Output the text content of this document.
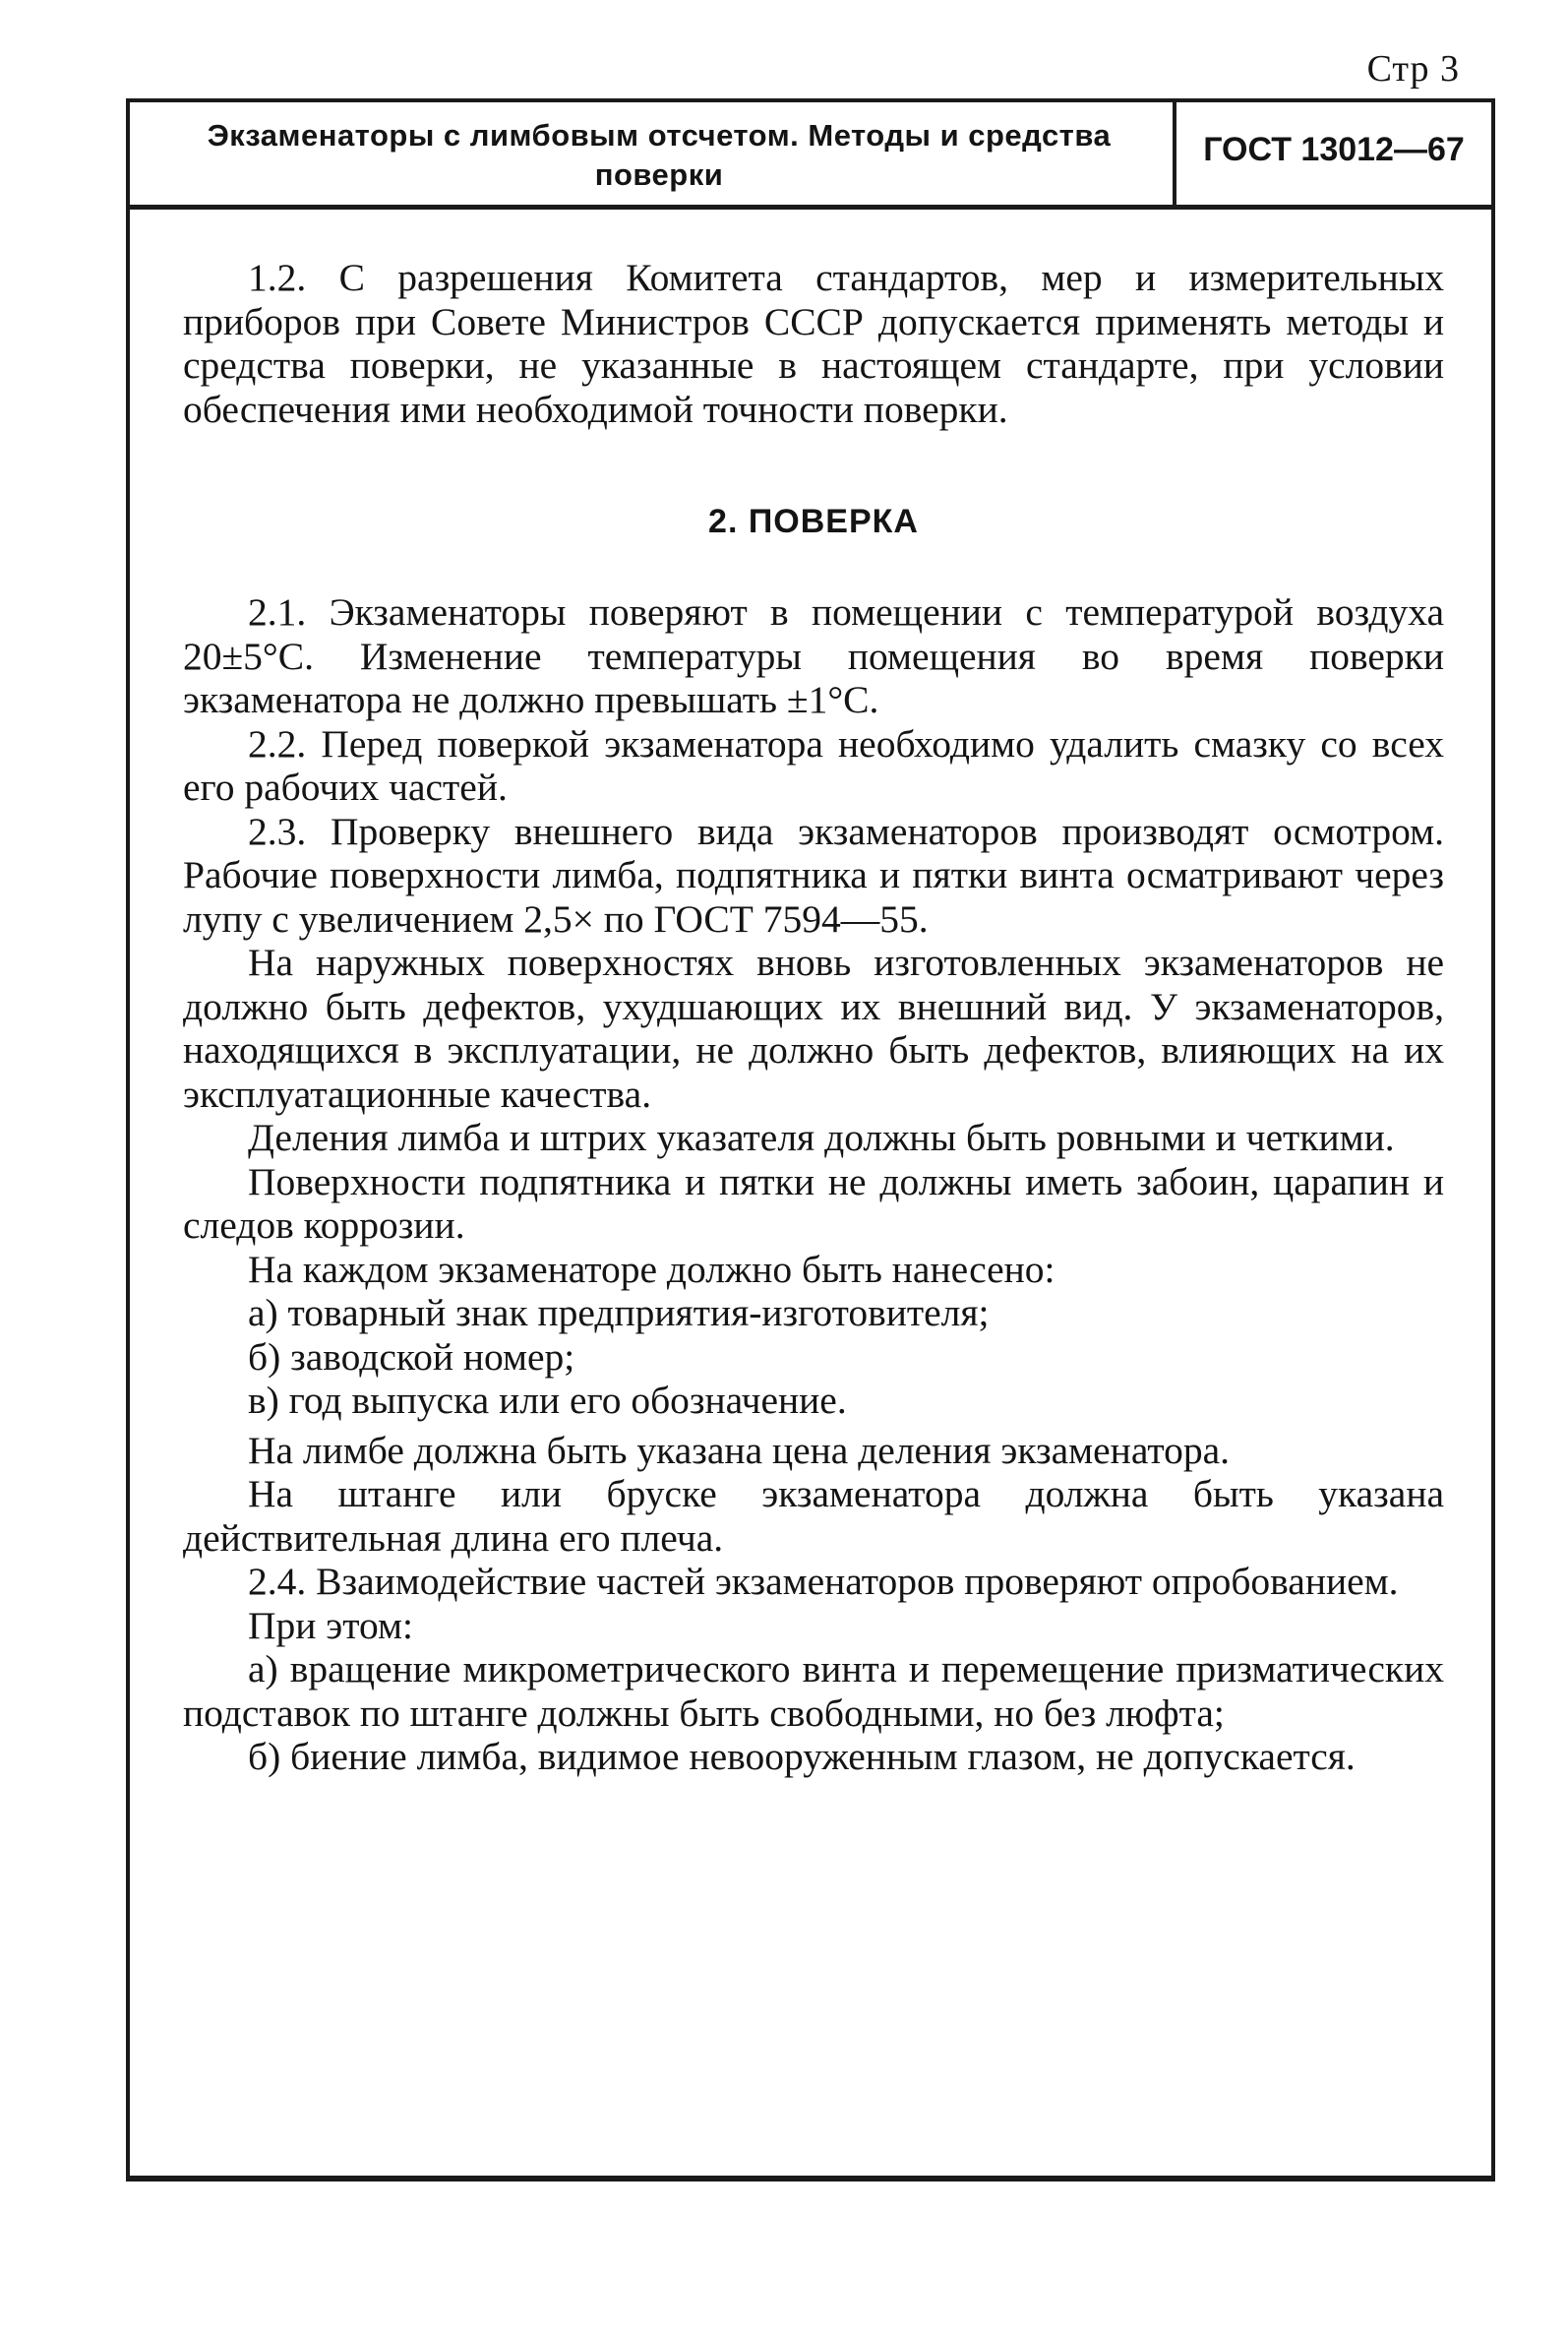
Стр 3
Экзаменаторы с лимбовым отсчетом. Методы и средства поверки
ГОСТ 13012—67

1.2. С разрешения Комитета стандартов, мер и измерительных приборов при Совете Министров СССР допускается применять методы и средства поверки, не указанные в настоящем стандарте, при условии обеспечения ими необходимой точности поверки.

2. ПОВЕРКА

2.1. Экзаменаторы поверяют в помещении с температурой воздуха 20±5°С. Изменение температуры помещения во время поверки экзаменатора не должно превышать ±1°С.

2.2. Перед поверкой экзаменатора необходимо удалить смазку со всех его рабочих частей.

2.3. Проверку внешнего вида экзаменаторов производят осмотром. Рабочие поверхности лимба, подпятника и пятки винта осматривают через лупу с увеличением 2,5× по ГОСТ 7594—55.

На наружных поверхностях вновь изготовленных экзаменаторов не должно быть дефектов, ухудшающих их внешний вид. У экзаменаторов, находящихся в эксплуатации, не должно быть дефектов, влияющих на их эксплуатационные качества.

Деления лимба и штрих указателя должны быть ровными и четкими.

Поверхности подпятника и пятки не должны иметь забоин, царапин и следов коррозии.

На каждом экзаменаторе должно быть нанесено:

а) товарный знак предприятия-изготовителя;

б) заводской номер;

в) год выпуска или его обозначение.

На лимбе должна быть указана цена деления экзаменатора.

На штанге или бруске экзаменатора должна быть указана действительная длина его плеча.

2.4. Взаимодействие частей экзаменаторов проверяют опробованием.

При этом:

а) вращение микрометрического винта и перемещение призматических подставок по штанге должны быть свободными, но без люфта;

б) биение лимба, видимое невооруженным глазом, не допускается.
